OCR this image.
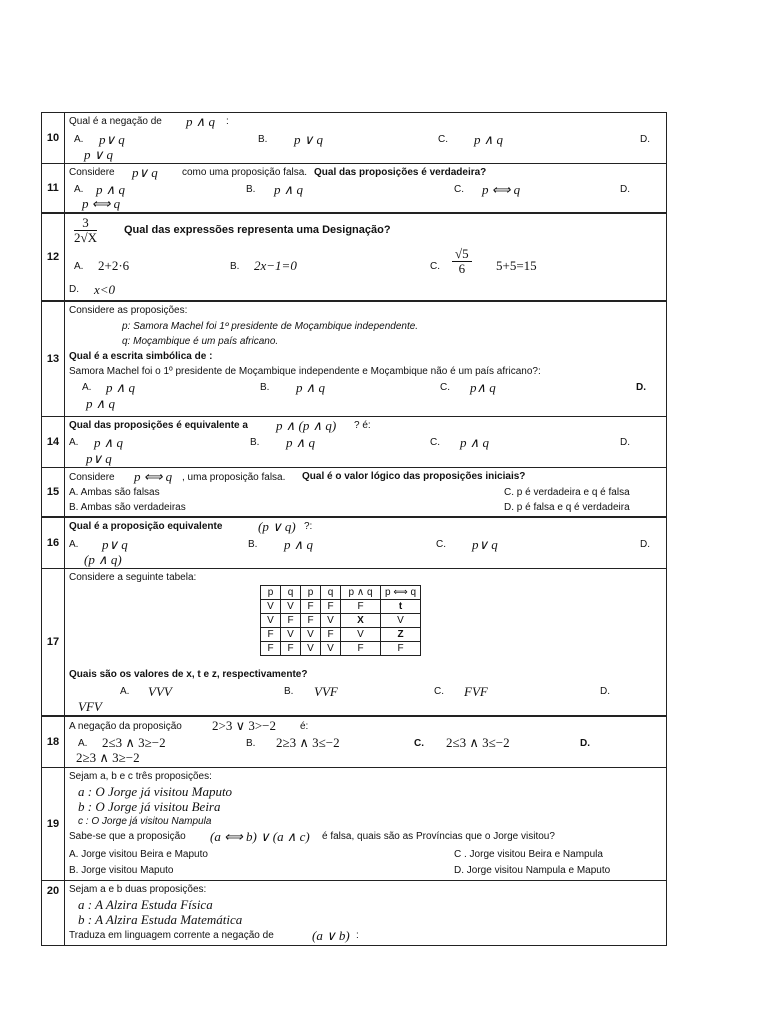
10
Qual é a negação de p ∧ q :
A. p∨ q	B. p ∨ q	C. p ∧ q	D.
p ∨ q
11
Considere p∨ q como uma proposição falsa. Qual das proposições é verdadeira?
A. p ∧ q	B. p ∧ q	C. p ⟺ q	D.
p ⟺ q
12
$\frac{3}{2√X}$ Qual das expressões representa uma Designação?
A. 2+2·6	B. 2x−1=0	C. $\frac{√5}{6} 5+5=15$
D. x<0
13
Considere as proposições:
p: Samora Machel foi 1º presidente de Moçambique independente.
q: Moçambique é um país africano.
Qual é a escrita simbólica de :
Samora Machel foi o 1º presidente de Moçambique independente e Moçambique não é um país africano?:
A. p ∧ q	B. p ∧ q	C. p∧ q	D.
p ∧ q
14
Qual das proposições é equivalente a p ∧ (p ∧ q) ? é:
A. p ∧ q	B. p ∧ q	C. p ∧ q	D.
p∨ q
15
Considere p ⟺ q , uma proposição falsa. Qual é o valor lógico das proposições iniciais?
A. Ambas são falsas	C. p é verdadeira e q é falsa
B. Ambas são verdadeiras	D. p é falsa e q é verdadeira
16
Qual é a proposição equivalente	(p ∨ q) ?:
A. p∨ q	B. p ∧ q	C. p∨ q	D.
(p ∧ q)
17
Considere a seguinte tabela:
p	q	p	q	p ∧ q	p ⟺ q
V	V	F	F	F	t
V	F	F	V	X	V
F	V	V	F	V	Z
F	F	V	V	F	F
Quais são os valores de x, t e z, respectivamente?
A. VVV	B. VVF	C. FVF	D.
VFV
18
A negação da proposição 2>3 ∨ 3>−2 é:
A. 2≤3 ∧ 3≥−2	B. 2≥3 ∧ 3≤−2	C. 2≤3 ∧ 3≤−2	D.
2≥3 ∧ 3≥−2
19
Sejam a, b e c três proposições:
a : O Jorge já visitou Maputo
b : O Jorge já visitou Beira
c : O Jorge já visitou Nampula
Sabe-se que a proposição (a ⟺ b) ∨ (a ∧ c) é falsa, quais são as Províncias que o Jorge visitou?
A. Jorge visitou Beira e Maputo	C . Jorge visitou Beira e Nampula
B. Jorge visitou Maputo	D. Jorge visitou Nampula e Maputo
20 Sejam a e b duas proposições:
a : A Alzira Estuda Física
b : A Alzira Estuda Matemática
Traduza em linguagem corrente a negação de	(a ∨ b) :
